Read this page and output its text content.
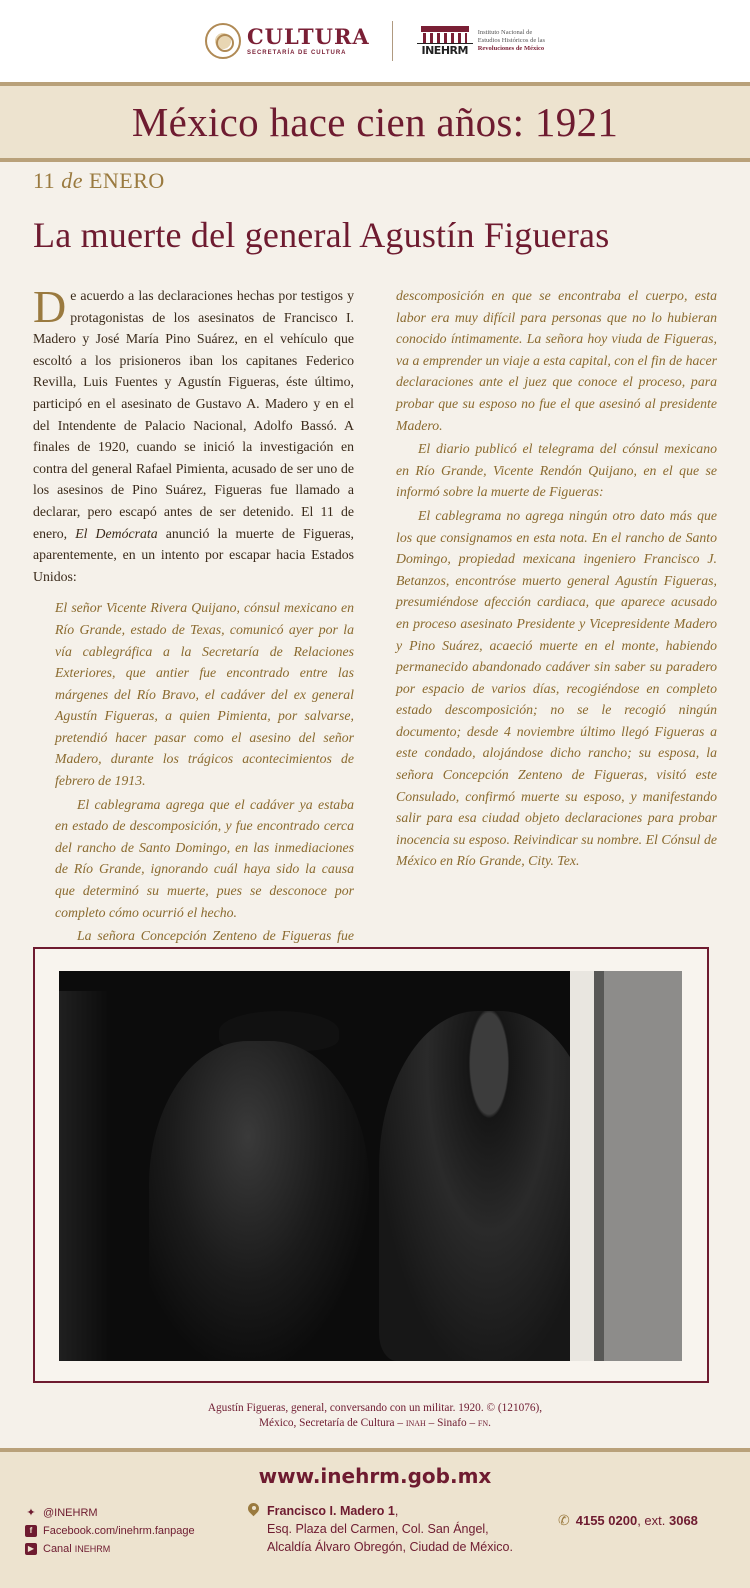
CULTURA
SECRETARÍA DE CULTURA	INEHRM
Instituto Nacional de
Estudios Históricos de las
Revoluciones de México
México hace cien años: 1921
11 de ENERO
La muerte del general Agustín Figueras

De acuerdo a las declaraciones hechas por testigos y protagonistas de los asesinatos de Francisco I. Madero y José María Pino Suárez, en el vehículo que escoltó a los prisioneros iban los capitanes Federico Revilla, Luis Fuentes y Agustín Figueras, éste último, participó en el asesinato de Gustavo A. Madero y en el del Intendente de Palacio Nacional, Adolfo Bassó. A finales de 1920, cuando se inició la investigación en contra del general Rafael Pimienta, acusado de ser uno de los asesinos de Pino Suárez, Figueras fue llamado a declarar, pero escapó antes de ser detenido. El 11 de enero, El Demócrata anunció la muerte de Figueras, aparentemente, en un intento por escapar hacia Estados Unidos:

El señor Vicente Rivera Quijano, cónsul mexicano en Río Grande, estado de Texas, comunicó ayer por la vía cablegráfica a la Secretaría de Relaciones Exteriores, que antier fue encontrado entre las márgenes del Río Bravo, el cadáver del ex general Agustín Figueras, a quien Pimienta, por salvarse, pretendió hacer pasar como el asesino del señor Madero, durante los trágicos acontecimientos de febrero de 1913.

El cablegrama agrega que el cadáver ya estaba en estado de descomposición, y fue encontrado cerca del rancho de Santo Domingo, en las inmediaciones de Río Grande, ignorando cuál haya sido la causa que determinó su muerte, pues se desconoce por completo cómo ocurrió el hecho.

La señora Concepción Zenteno de Figueras fue

descomposición en que se encontraba el cuerpo, esta labor era muy difícil para personas que no lo hubieran conocido íntimamente. La señora hoy viuda de Figueras, va a emprender un viaje a esta capital, con el fin de hacer declaraciones ante el juez que conoce el proceso, para probar que su esposo no fue el que asesinó al presidente Madero.

El diario publicó el telegrama del cónsul mexicano en Río Grande, Vicente Rendón Quijano, en el que se informó sobre la muerte de Figueras:

El cablegrama no agrega ningún otro dato más que los que consignamos en esta nota. En el rancho de Santo Domingo, propiedad mexicana ingeniero Francisco J. Betanzos, encontróse muerto general Agustín Figueras, presumiéndose afección cardiaca, que aparece acusado en proceso asesinato Presidente y Vicepresidente Madero y Pino Suárez, acaeció muerte en el monte, habiendo permanecido abandonado cadáver sin saber su paradero por espacio de varios días, recogiéndose en completo estado descomposición; no se le recogió ningún documento; desde 4 noviembre último llegó Figueras a este condado, alojándose dicho rancho; su esposa, la señora Concepción Zenteno de Figueras, visitó este Consulado, confirmó muerte su esposo, y manifestando salir para esa ciudad objeto declaraciones para probar inocencia su esposo. Reivindicar su nombre. El Cónsul de México en Río Grande, City. Tex.

Agustín Figueras, general, conversando con un militar. 1920. © (121076),
México, Secretaría de Cultura – inah – Sinafo – fn.
www.inehrm.gob.mx
✦ @INEHRM
f Facebook.com/inehrm.fanpage
▶ Canal INEHRM
Francisco I. Madero 1,
Esq. Plaza del Carmen, Col. San Ángel,
Alcaldía Álvaro Obregón, Ciudad de México.
✆ 4155 0200, ext. 3068
